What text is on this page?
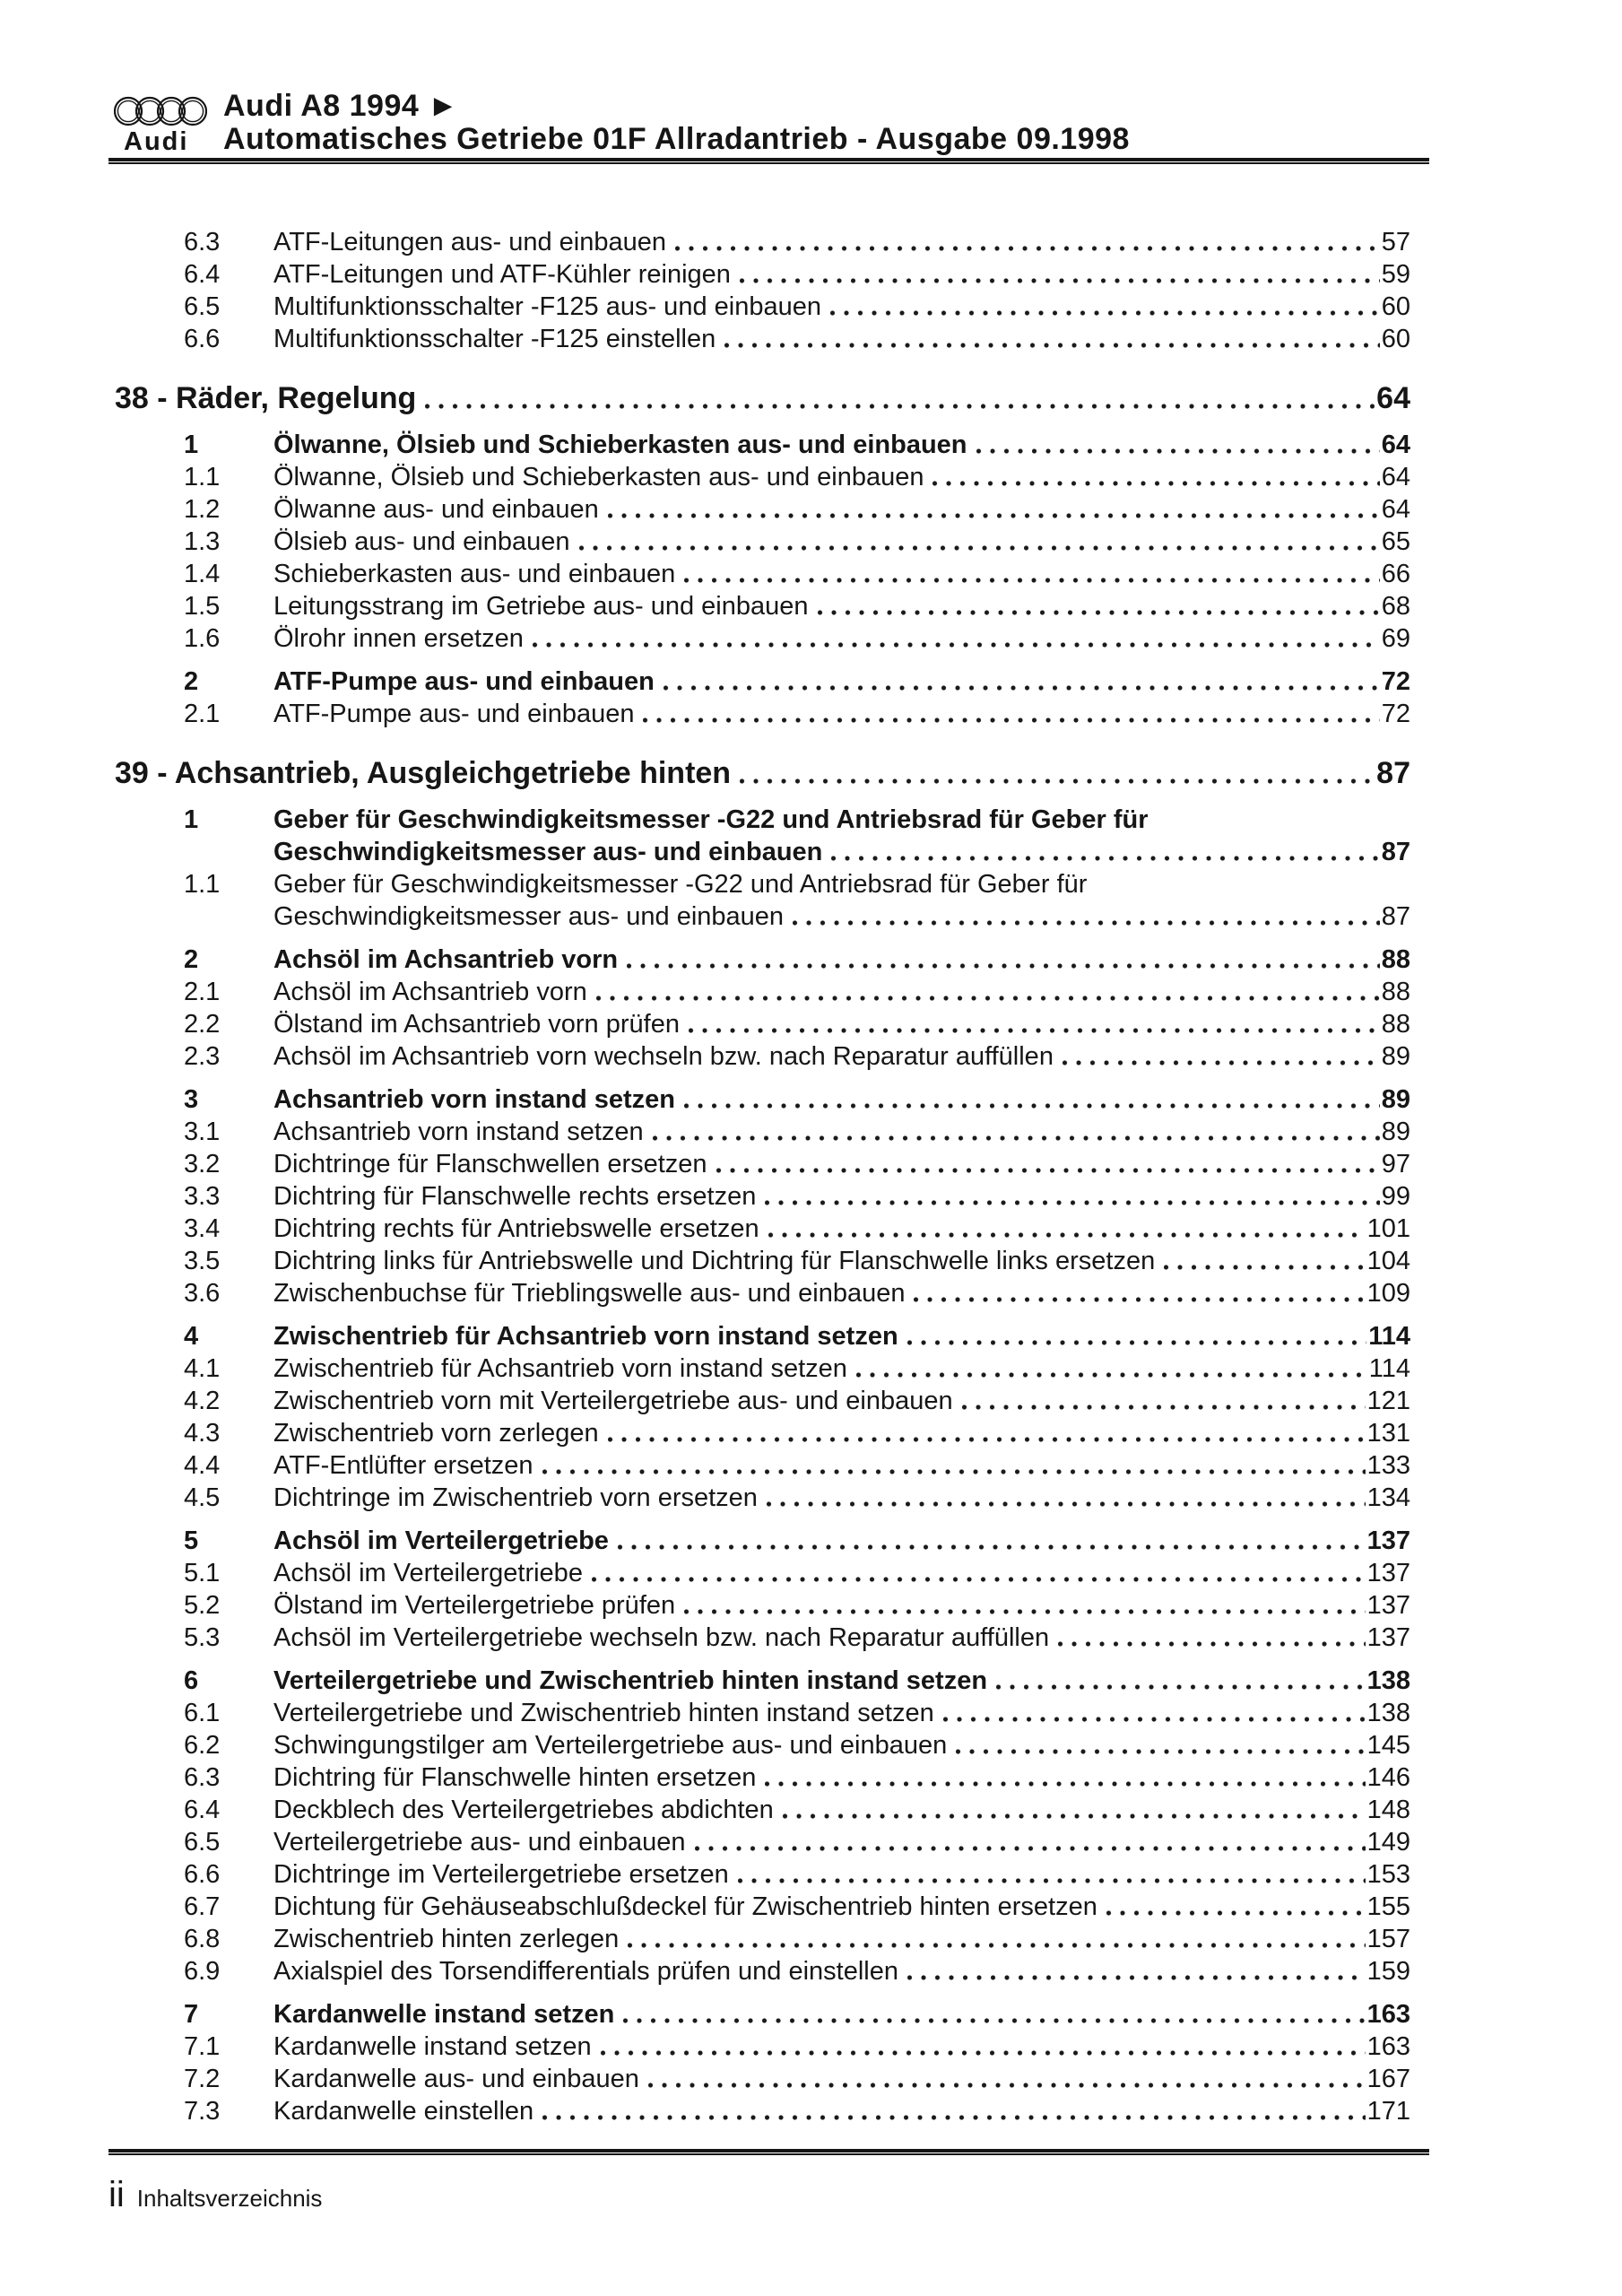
Audi
Audi A8 1994 ►
Automatisches Getriebe 01F Allradantrieb - Ausgabe 09.1998
6.3	ATF-Leitungen aus- und einbauen	57
6.4	ATF-Leitungen und ATF-Kühler reinigen	59
6.5	Multifunktionsschalter -F125 aus- und einbauen	60
6.6	Multifunktionsschalter -F125 einstellen	60
38 - Räder, Regelung	64
1	Ölwanne, Ölsieb und Schieberkasten aus- und einbauen	64
1.1	Ölwanne, Ölsieb und Schieberkasten aus- und einbauen	64
1.2	Ölwanne aus- und einbauen	64
1.3	Ölsieb aus- und einbauen	65
1.4	Schieberkasten aus- und einbauen	66
1.5	Leitungsstrang im Getriebe aus- und einbauen	68
1.6	Ölrohr innen ersetzen	69
2	ATF-Pumpe aus- und einbauen	72
2.1	ATF-Pumpe aus- und einbauen	72
39 - Achsantrieb, Ausgleichgetriebe hinten	87
1	Geber für Geschwindigkeitsmesser -G22 und Antriebsrad für Geber für
Geschwindigkeitsmesser aus- und einbauen	87
1.1	Geber für Geschwindigkeitsmesser -G22 und Antriebsrad für Geber für
Geschwindigkeitsmesser aus- und einbauen	87
2	Achsöl im Achsantrieb vorn	88
2.1	Achsöl im Achsantrieb vorn	88
2.2	Ölstand im Achsantrieb vorn prüfen	88
2.3	Achsöl im Achsantrieb vorn wechseln bzw. nach Reparatur auffüllen	89
3	Achsantrieb vorn instand setzen	89
3.1	Achsantrieb vorn instand setzen	89
3.2	Dichtringe für Flanschwellen ersetzen	97
3.3	Dichtring für Flanschwelle rechts ersetzen	99
3.4	Dichtring rechts für Antriebswelle ersetzen	101
3.5	Dichtring links für Antriebswelle und Dichtring für Flanschwelle links ersetzen	104
3.6	Zwischenbuchse für Trieblingswelle aus- und einbauen	109
4	Zwischentrieb für Achsantrieb vorn instand setzen	114
4.1	Zwischentrieb für Achsantrieb vorn instand setzen	114
4.2	Zwischentrieb vorn mit Verteilergetriebe aus- und einbauen	121
4.3	Zwischentrieb vorn zerlegen	131
4.4	ATF-Entlüfter ersetzen	133
4.5	Dichtringe im Zwischentrieb vorn ersetzen	134
5	Achsöl im Verteilergetriebe	137
5.1	Achsöl im Verteilergetriebe	137
5.2	Ölstand im Verteilergetriebe prüfen	137
5.3	Achsöl im Verteilergetriebe wechseln bzw. nach Reparatur auffüllen	137
6	Verteilergetriebe und Zwischentrieb hinten instand setzen	138
6.1	Verteilergetriebe und Zwischentrieb hinten instand setzen	138
6.2	Schwingungstilger am Verteilergetriebe aus- und einbauen	145
6.3	Dichtring für Flanschwelle hinten ersetzen	146
6.4	Deckblech des Verteilergetriebes abdichten	148
6.5	Verteilergetriebe aus- und einbauen	149
6.6	Dichtringe im Verteilergetriebe ersetzen	153
6.7	Dichtung für Gehäuseabschlußdeckel für Zwischentrieb hinten ersetzen	155
6.8	Zwischentrieb hinten zerlegen	157
6.9	Axialspiel des Torsendifferentials prüfen und einstellen	159
7	Kardanwelle instand setzen	163
7.1	Kardanwelle instand setzen	163
7.2	Kardanwelle aus- und einbauen	167
7.3	Kardanwelle einstellen	171
ii Inhaltsverzeichnis
